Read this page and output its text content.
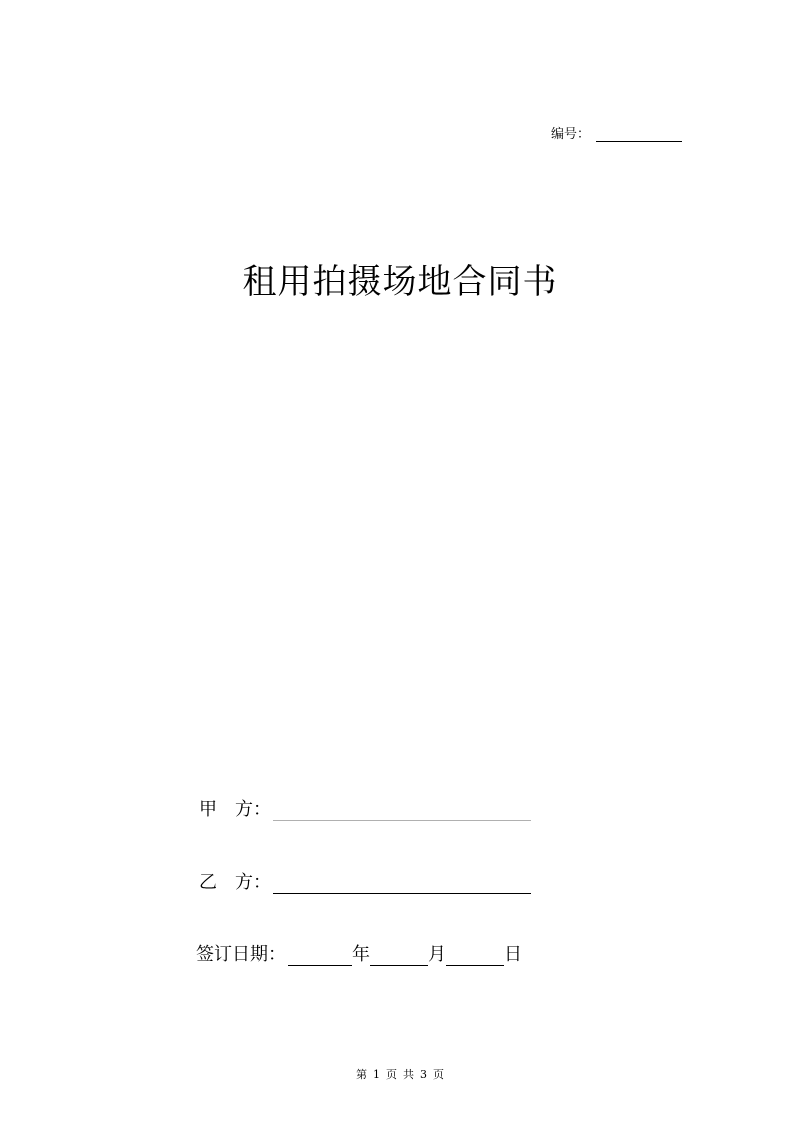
编号：
租用拍摄场地合同书
甲 方：
乙 方：
签订日期：	年	月	日
第 1 页 共 3 页
